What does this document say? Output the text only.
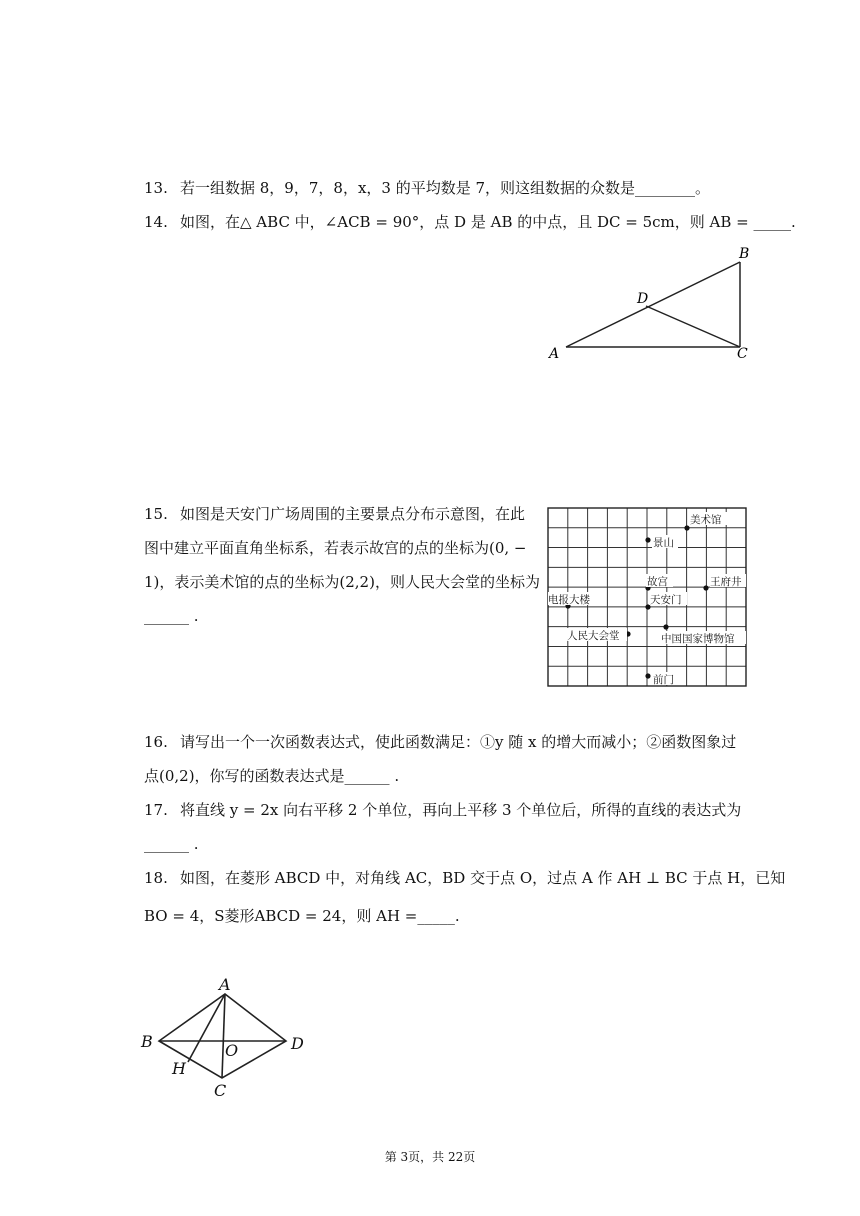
13. 若一组数据 8，9，7，8，x，3 的平均数是 7，则这组数据的众数是________。
14. 如图，在△ ABC 中，∠ACB = 90°，点 D 是 AB 的中点，且 DC = 5cm，则 AB = _____.
A
B
C
D
15. 如图是天安门广场周围的主要景点分布示意图，在此
图中建立平面直角坐标系，若表示故宫的点的坐标为(0, −
1)，表示美术馆的点的坐标为(2,2)，则人民大会堂的坐标为
______ .
美术馆
景山
故宫	王府井
电报大楼	天安门
人民大会堂	中国国家博物馆
前门
16. 请写出一个一次函数表达式，使此函数满足：①y 随 x 的增大而减小；②函数图象过
点(0,2)，你写的函数表达式是______ .
17. 将直线 y = 2x 向右平移 2 个单位，再向上平移 3 个单位后，所得的直线的表达式为
______ .
18. 如图，在菱形 ABCD 中，对角线 AC，BD 交于点 O，过点 A 作 AH ⊥ BC 于点 H，已知
BO = 4，S菱形ABCD = 24，则 AH =_____.
A
B
C
D
O
H
第 3页，共 22页
